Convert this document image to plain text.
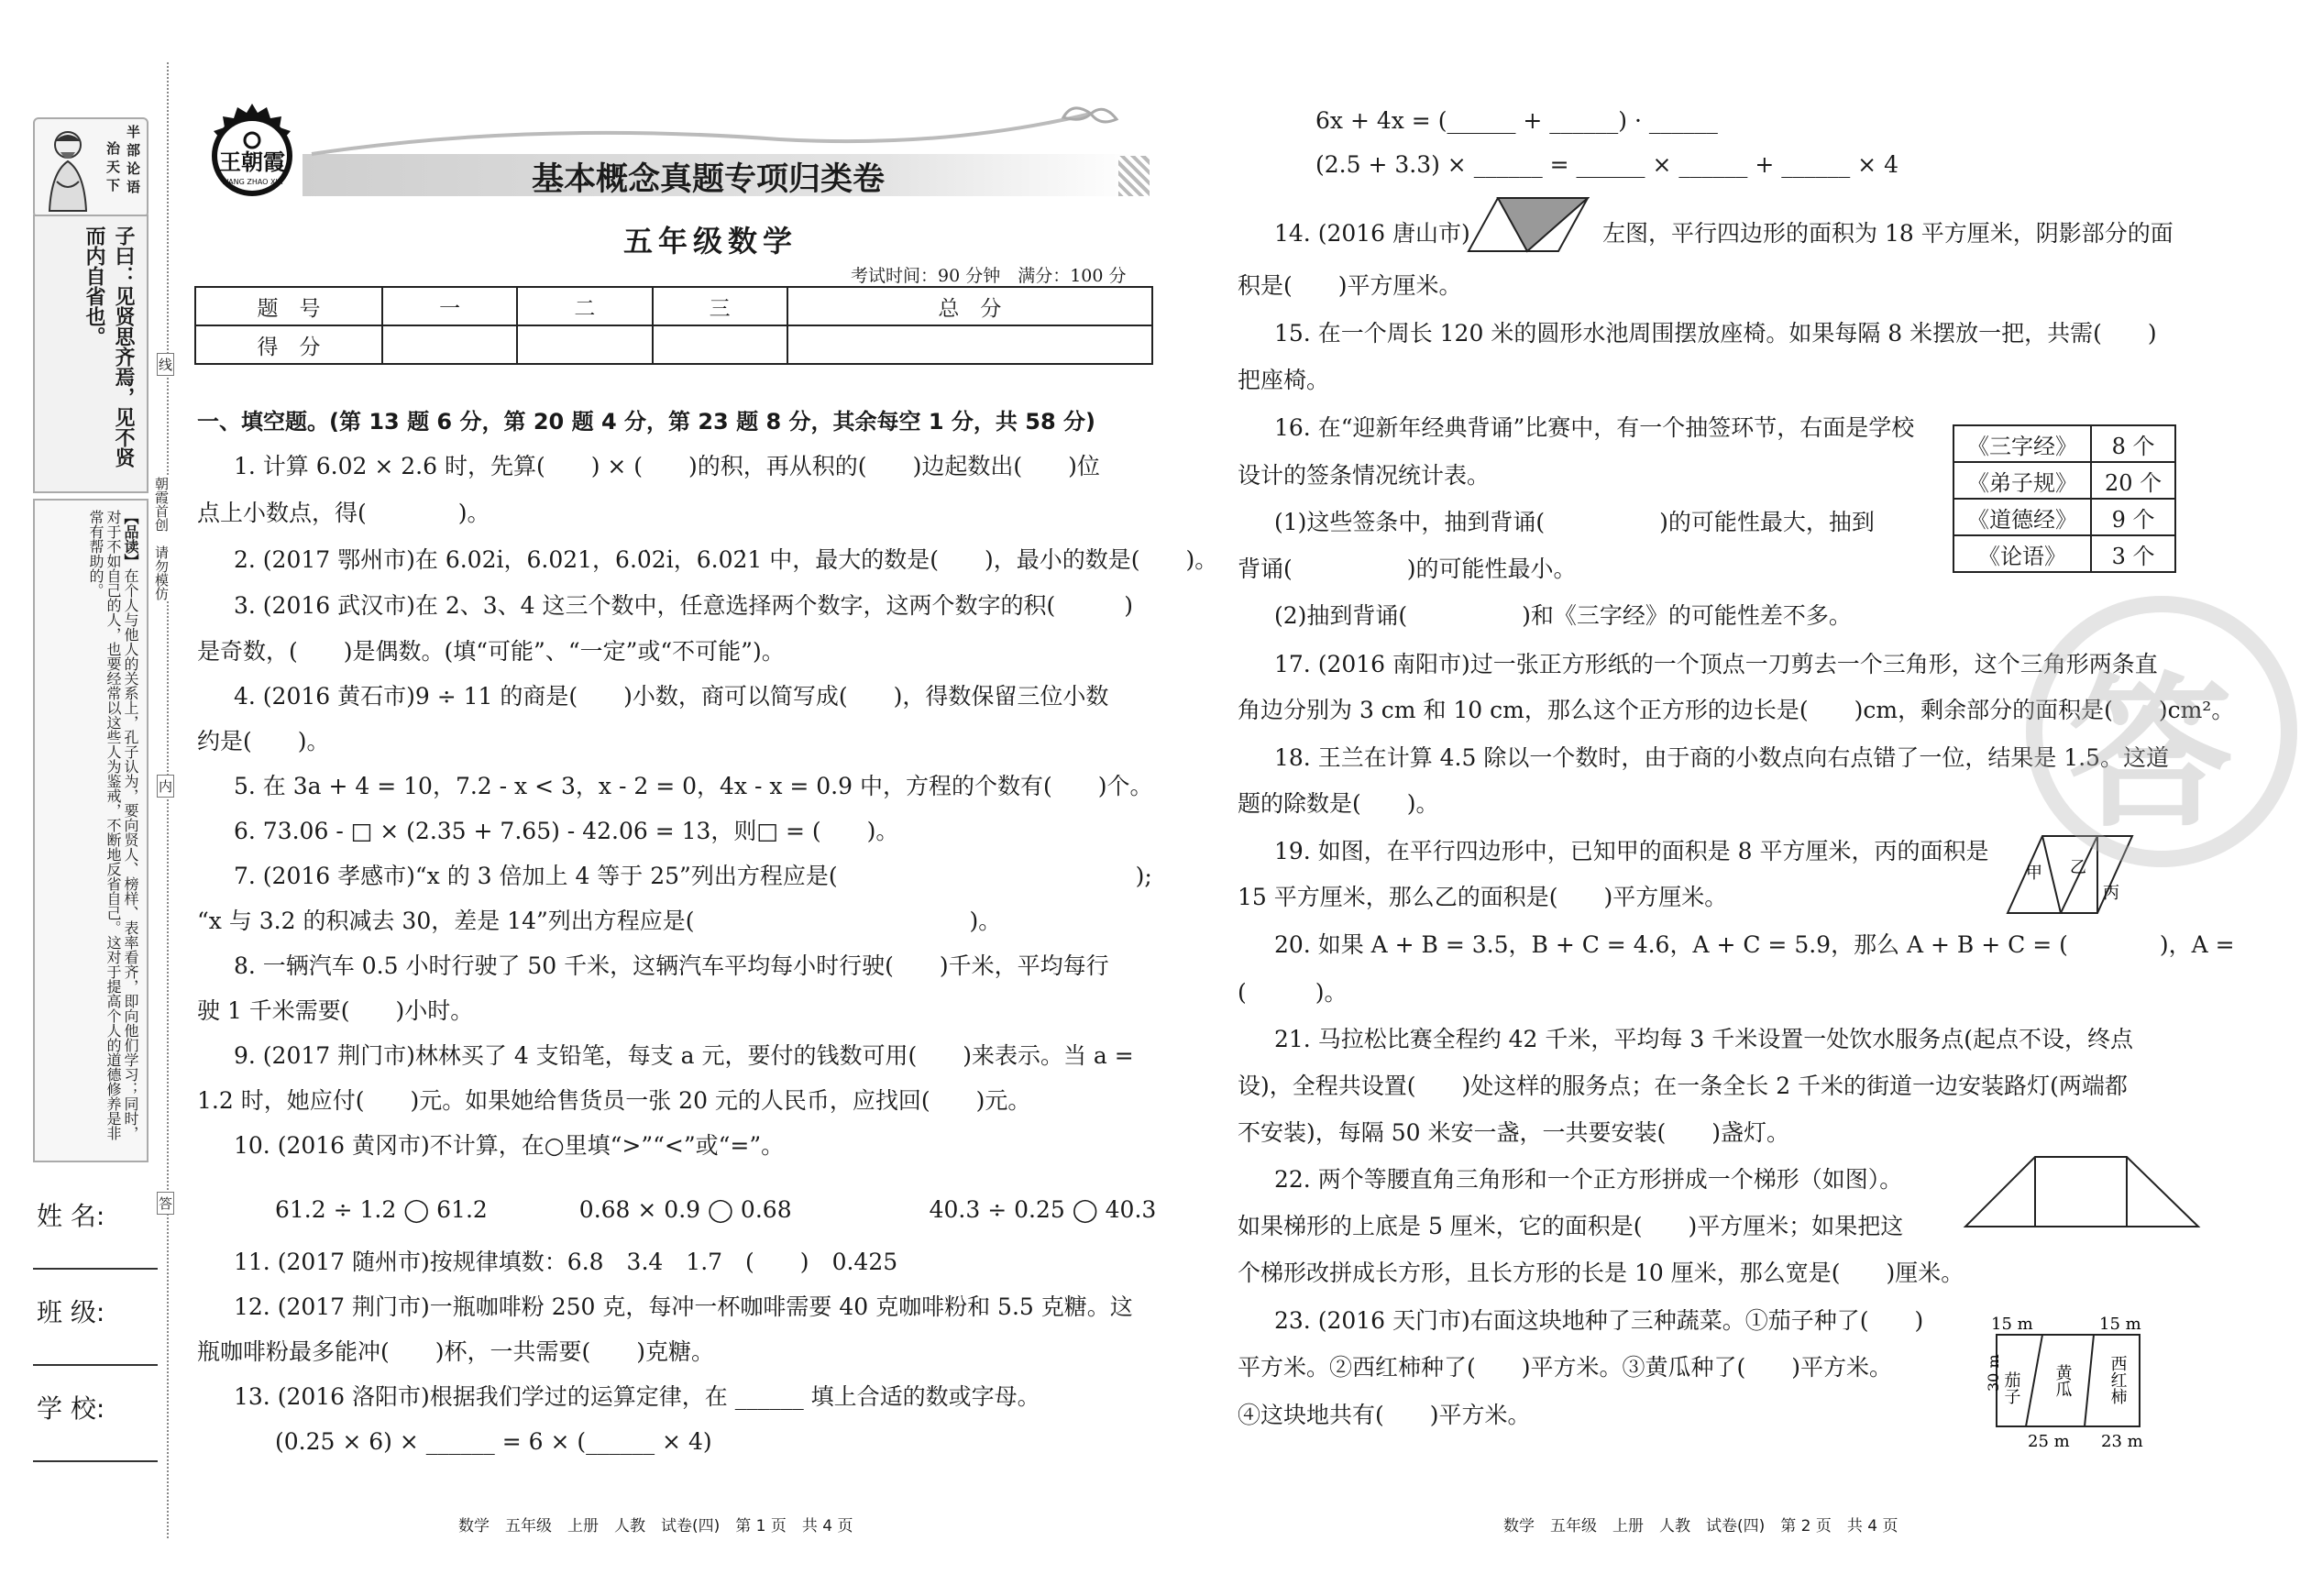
半
部
论
语
治
天
下
子曰：见贤思齐焉，见不贤而内自省也。
【品读】在个人与他人的关系上，孔子认为，要向贤人、榜样、表率看齐，即向他们学习；同时，对于不如自己的人，也要经常以这些人为鉴戒，不断地反省自己。这对于提高个人的道德修养是非常有帮助的。
姓 名:
班 级:
学 校:
线
朝霞首创　请勿模仿
内
答
王朝霞
WANG ZHAO XIA	基本概念真题专项归类卷
五年级数学
考试时间：90 分钟　满分：100 分
题　号	一	二	三	总　分
得　分				
一、填空题。(第 13 题 6 分，第 20 题 4 分，第 23 题 8 分，其余每空 1 分，共 58 分)
1. 计算 6.02 × 2.6 时，先算(　　) × (　　)的积，再从积的(　　)边起数出(　　)位
点上小数点，得(　　　　)。
2. (2017 鄂州市)在 6.02i̇，6.021，6.0̇2i̇，6.02̇1 中，最大的数是(　　)，最小的数是(　　)。
3. (2016 武汉市)在 2、3、4 这三个数中，任意选择两个数字，这两个数字的积(　　　)
是奇数，(　　)是偶数。(填“可能”、“一定”或“不可能”)。
4. (2016 黄石市)9 ÷ 11 的商是(　　)小数，商可以简写成(　　)，得数保留三位小数
约是(　　)。
5. 在 3a + 4 = 10，7.2 - x < 3，x - 2 = 0，4x - x = 0.9 中，方程的个数有(　　)个。
6. 73.06 - □ × (2.35 + 7.65) - 42.06 = 13，则□ = (　　)。
7. (2016 孝感市)“x 的 3 倍加上 4 等于 25”列出方程应是(　　　　　　　　　　　　　);
“x 与 3.2 的积减去 30，差是 14”列出方程应是(　　　　　　　　　　　　)。
8. 一辆汽车 0.5 小时行驶了 50 千米，这辆汽车平均每小时行驶(　　)千米，平均每行
驶 1 千米需要(　　)小时。
9. (2017 荆门市)林林买了 4 支铅笔，每支 a 元，要付的钱数可用(　　)来表示。当 a =
1.2 时，她应付(　　)元。如果她给售货员一张 20 元的人民币，应找回(　　)元。
10. (2016 黄冈市)不计算，在○里填“>”“<”或“=”。
61.2 ÷ 1.2 ◯ 61.2　　　　0.68 × 0.9 ◯ 0.68　　　　　　40.3 ÷ 0.25 ◯ 40.3
11. (2017 随州市)按规律填数：6.8　3.4　1.7　(　　)　0.425
12. (2017 荆门市)一瓶咖啡粉 250 克，每冲一杯咖啡需要 40 克咖啡粉和 5.5 克糖。这
瓶咖啡粉最多能冲(　　)杯，一共需要(　　)克糖。
13. (2016 洛阳市)根据我们学过的运算定律，在 ______ 填上合适的数或字母。
(0.25 × 6) × ______ = 6 × (______ × 4)
数学　五年级　上册　人教　试卷(四)　第 1 页　共 4 页
6x + 4x = (______ + ______) · ______
(2.5 + 3.3) × ______ = ______ × ______ + ______ × 4
14. (2016 唐山市)	左图，平行四边形的面积为 18 平方厘米，阴影部分的面
积是(　　)平方厘米。
15. 在一个周长 120 米的圆形水池周围摆放座椅。如果每隔 8 米摆放一把，共需(　　)
把座椅。
16. 在“迎新年经典背诵”比赛中，有一个抽签环节，右面是学校
设计的签条情况统计表。
(1)这些签条中，抽到背诵(　　　　　)的可能性最大，抽到
背诵(　　　　　)的可能性最小。
(2)抽到背诵(　　　　　)和《三字经》的可能性差不多。
《三字经》	8 个
《弟子规》	20 个
《道德经》	9 个
《论语》	3 个
17. (2016 南阳市)过一张正方形纸的一个顶点一刀剪去一个三角形，这个三角形两条直
角边分别为 3 cm 和 10 cm，那么这个正方形的边长是(　　)cm，剩余部分的面积是(　　)cm²。
18. 王兰在计算 4.5 除以一个数时，由于商的小数点向右点错了一位，结果是 1.5。这道
题的除数是(　　)。
19. 如图，在平行四边形中，已知甲的面积是 8 平方厘米，丙的面积是
15 平方厘米，那么乙的面积是(　　)平方厘米。
甲 乙
丙
20. 如果 A + B = 3.5，B + C = 4.6，A + C = 5.9，那么 A + B + C = (　　　　)，A =
(　　　)。
21. 马拉松比赛全程约 42 千米，平均每 3 千米设置一处饮水服务点(起点不设，终点
设)，全程共设置(　　)处这样的服务点；在一条全长 2 千米的街道一边安装路灯(两端都
不安装)，每隔 50 米安一盏，一共要安装(　　)盏灯。
22. 两个等腰直角三角形和一个正方形拼成一个梯形（如图）。
如果梯形的上底是 5 厘米，它的面积是(　　)平方厘米；如果把这
个梯形改拼成长方形，且长方形的长是 10 厘米，那么宽是(　　)厘米。
23. (2016 天门市)右面这块地种了三种蔬菜。①茄子种了(　　)
平方米。②西红柿种了(　　)平方米。③黄瓜种了(　　)平方米。
④这块地共有(　　)平方米。
15 m	15 m
30 m 茄子 黄瓜 西红柿
25 m 23 m
数学　五年级　上册　人教　试卷(四)　第 2 页　共 4 页
答
